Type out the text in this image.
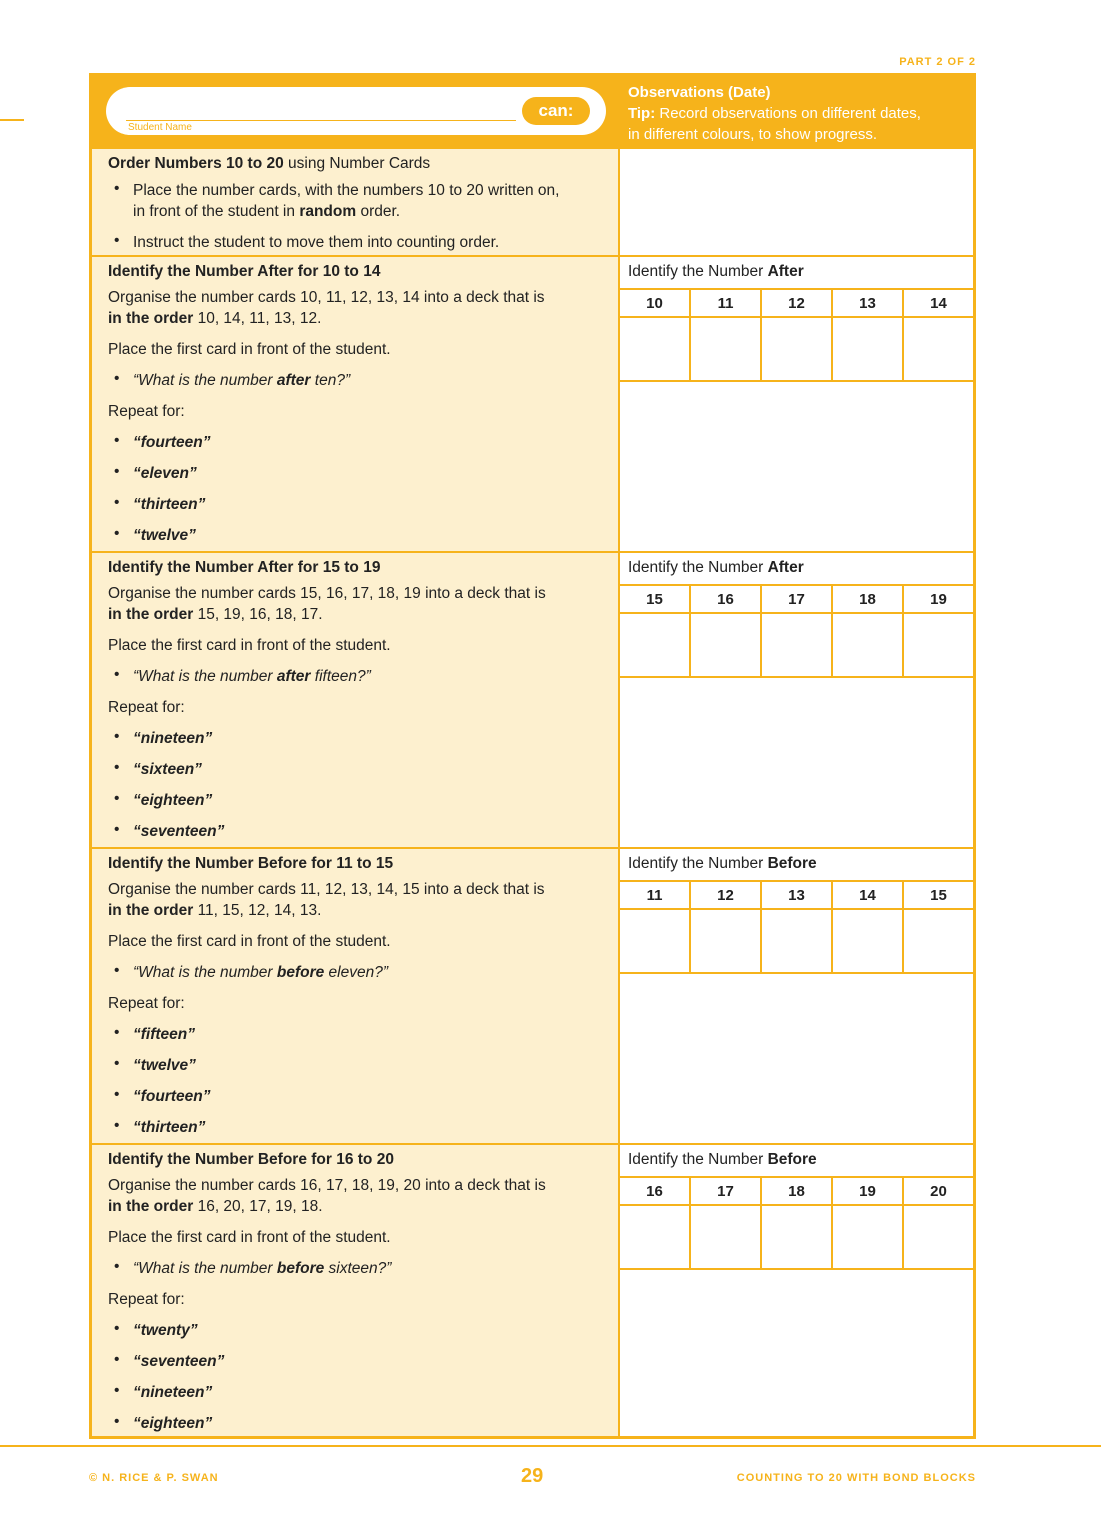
PART 2 OF 2
Student Name
can:
Observations (Date)
Tip: Record observations on different dates,
in different colours, to show progress.
Order Numbers 10 to 20 using Number Cards
• Place the number cards, with the numbers 10 to 20 written on,
in front of the student in random order.
• Instruct the student to move them into counting order.
Identify the Number After for 10 to 14
Organise the number cards 10, 11, 12, 13, 14 into a deck that is
in the order 10, 14, 11, 13, 12.
Place the first card in front of the student.
• “What is the number after ten?”
Repeat for:
• “fourteen”
• “eleven”
• “thirteen”
• “twelve”
Identify the Number After
10	11	12	13	14
Identify the Number After for 15 to 19
Organise the number cards 15, 16, 17, 18, 19 into a deck that is
in the order 15, 19, 16, 18, 17.
Place the first card in front of the student.
• “What is the number after fifteen?”
Repeat for:
• “nineteen”
• “sixteen”
• “eighteen”
• “seventeen”
Identify the Number After
15	16	17	18	19
Identify the Number Before for 11 to 15
Organise the number cards 11, 12, 13, 14, 15 into a deck that is
in the order 11, 15, 12, 14, 13.
Place the first card in front of the student.
• “What is the number before eleven?”
Repeat for:
• “fifteen”
• “twelve”
• “fourteen”
• “thirteen”
Identify the Number Before
11	12	13	14	15
Identify the Number Before for 16 to 20
Organise the number cards 16, 17, 18, 19, 20 into a deck that is
in the order 16, 20, 17, 19, 18.
Place the first card in front of the student.
• “What is the number before sixteen?”
Repeat for:
• “twenty”
• “seventeen”
• “nineteen”
• “eighteen”
Identify the Number Before
16	17	18	19	20
© N. RICE & P. SWAN	29	COUNTING TO 20 WITH BOND BLOCKS
